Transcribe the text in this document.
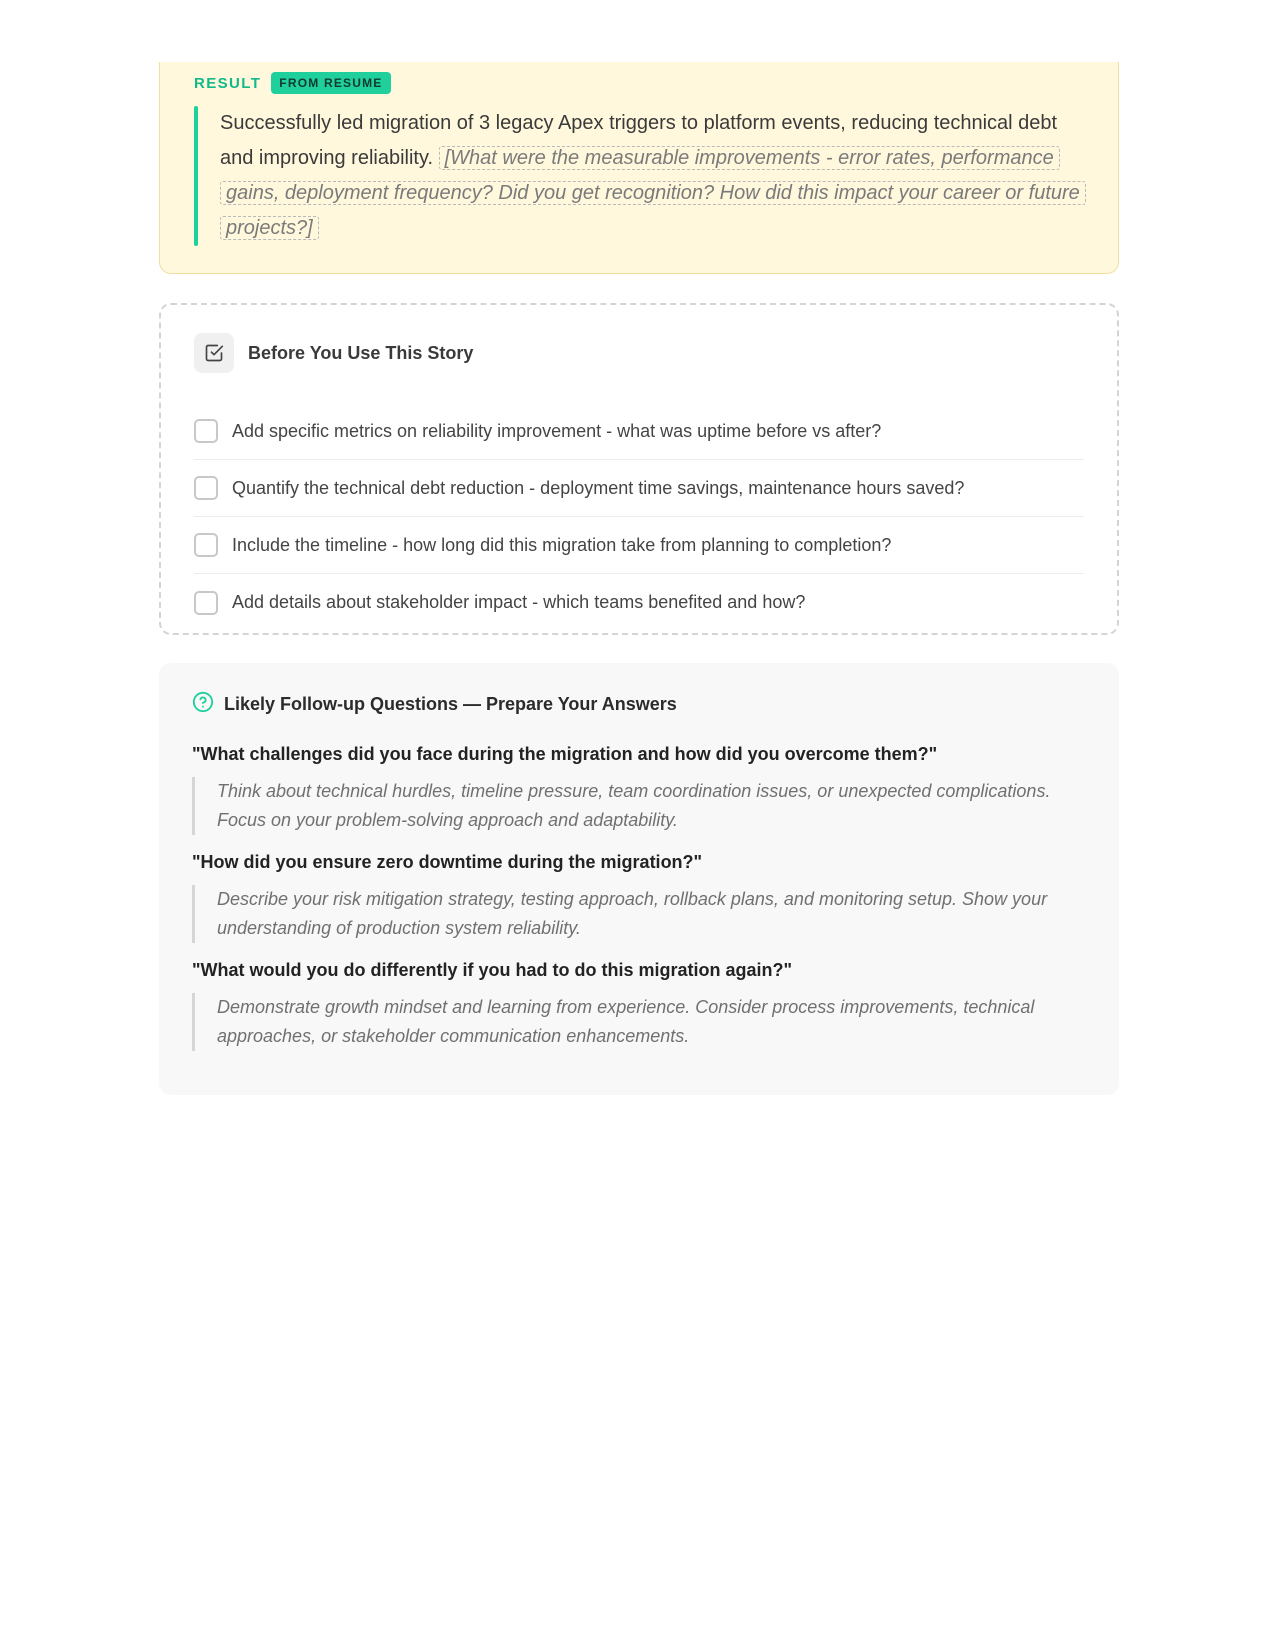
RESULT	FROM RESUME

Successfully led migration of 3 legacy Apex triggers to platform events, reducing technical debt and improving reliability. [What were the measurable improvements - error rates, performance gains, deployment frequency? Did you get recognition? How did this impact your career or future projects?]

Before You Use This Story
Add specific metrics on reliability improvement - what was uptime before vs after?
Quantify the technical debt reduction - deployment time savings, maintenance hours saved?
Include the timeline - how long did this migration take from planning to completion?
Add details about stakeholder impact - which teams benefited and how?
Likely Follow-up Questions — Prepare Your Answers

"What challenges did you face during the migration and how did you overcome them?"

Think about technical hurdles, timeline pressure, team coordination issues, or unexpected complications. Focus on your problem-solving approach and adaptability.

"How did you ensure zero downtime during the migration?"

Describe your risk mitigation strategy, testing approach, rollback plans, and monitoring setup. Show your understanding of production system reliability.

"What would you do differently if you had to do this migration again?"

Demonstrate growth mindset and learning from experience. Consider process improvements, technical approaches, or stakeholder communication enhancements.
